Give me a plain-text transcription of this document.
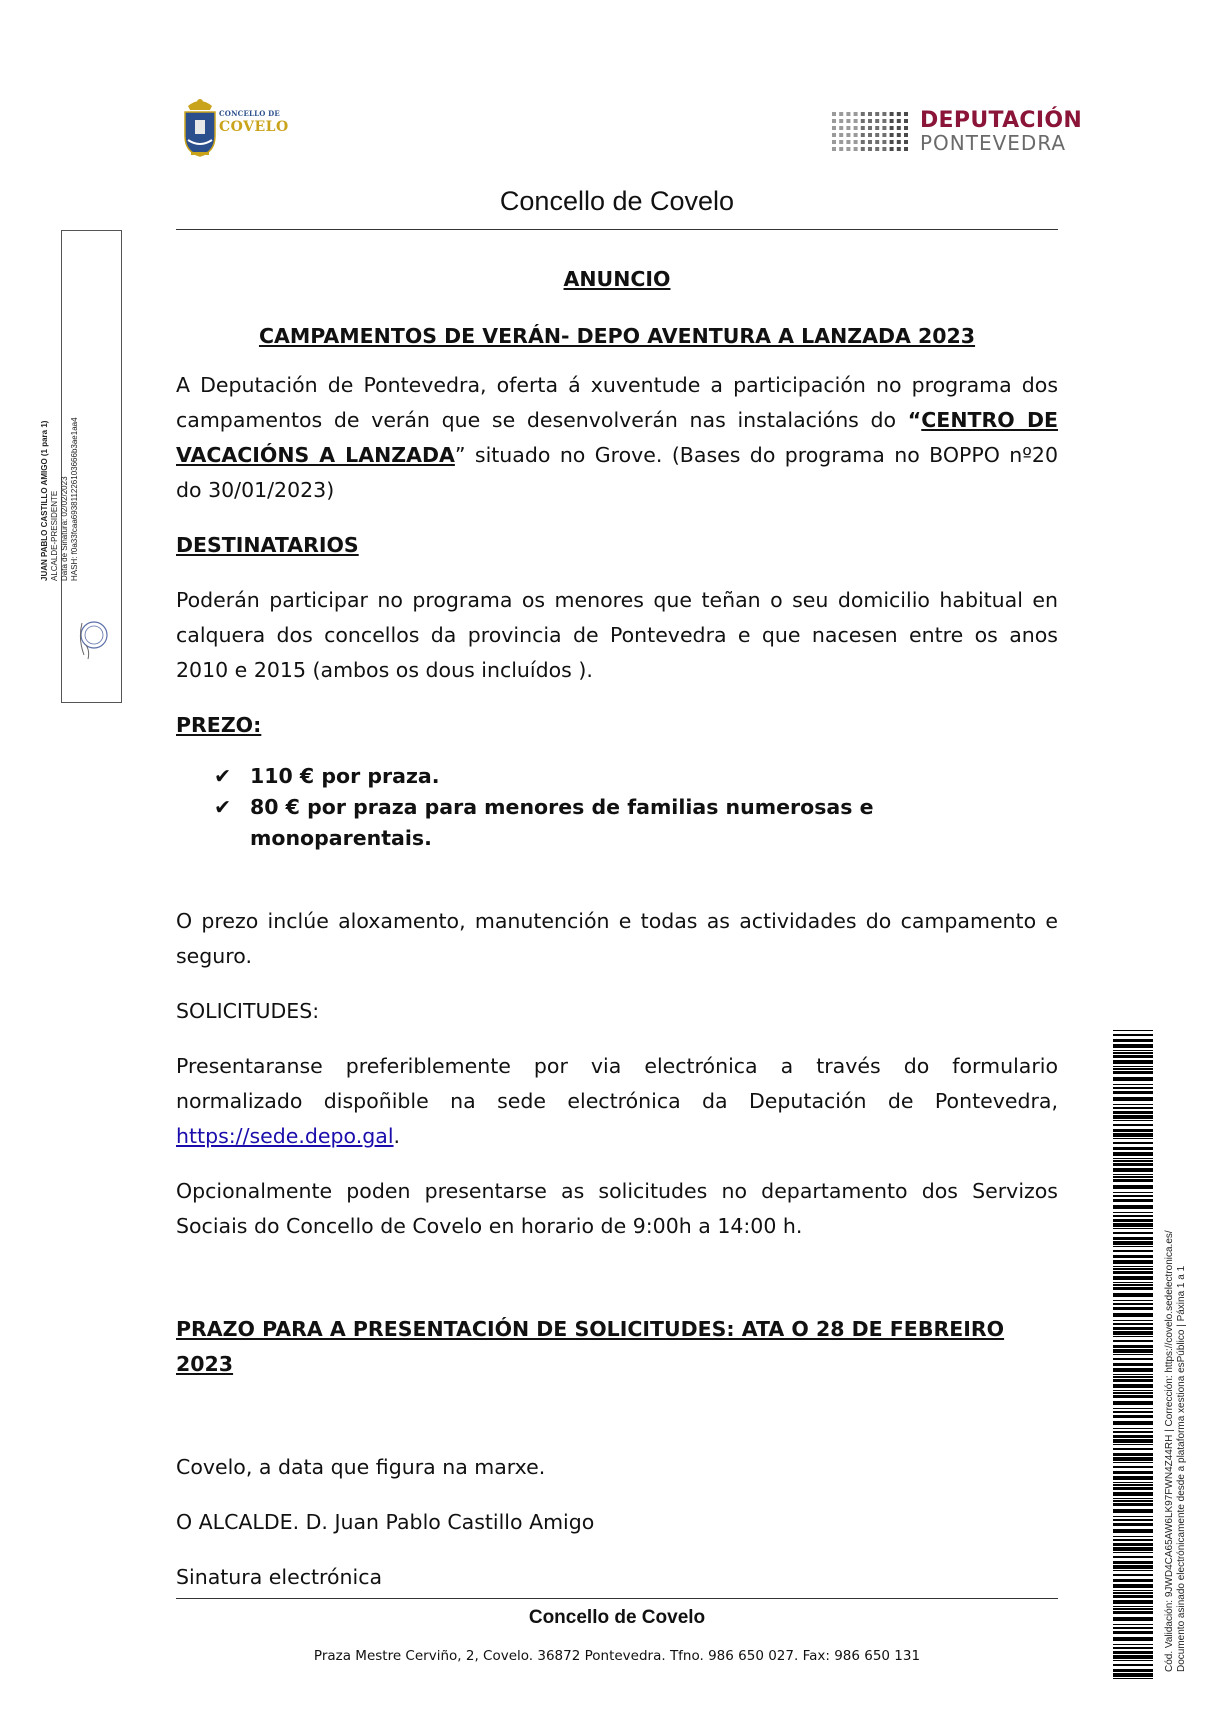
CONCELLO DE
COVELO	DEPUTACIÓN
PONTEVEDRA
Concello de Covelo
JUAN PABLO CASTILLO AMIGO (1 para 1) ALCALDE-PRESIDENTE Data de Sinatura: 02/02/2023 HASH: f0a33fcaa693811226103666b3ae1aa4

ANUNCIO

CAMPAMENTOS DE VERÁN- DEPO AVENTURA A LANZADA 2023

A Deputación de Pontevedra, oferta á xuventude a participación no programa dos campamentos de verán que se desenvolverán nas instalacións do “CENTRO DE VACACIÓNS A LANZADA” situado no Grove. (Bases do programa no BOPPO nº20 do 30/01/2023)

DESTINATARIOS

Poderán participar no programa os menores que teñan o seu domicilio habitual en calquera dos concellos da provincia de Pontevedra e que nacesen entre os anos 2010 e 2015 (ambos os dous incluídos ).

PREZO:

✔ 110 € por praza.
✔ 80 € por praza para menores de familias numerosas e monoparentais.

O prezo inclúe aloxamento, manutención e todas as actividades do campamento e seguro.

SOLICITUDES:

Presentaranse preferiblemente por via electrónica a través do formulario normalizado dispoñible na sede electrónica da Deputación de Pontevedra, https://sede.depo.gal.

Opcionalmente poden presentarse as solicitudes no departamento dos Servizos Sociais do Concello de Covelo en horario de 9:00h a 14:00 h.

PRAZO PARA A PRESENTACIÓN DE SOLICITUDES: ATA O 28 DE FEBREIRO 2023

Covelo, a data que figura na marxe.

O ALCALDE. D. Juan Pablo Castillo Amigo

Sinatura electrónica

Concello de Covelo
Praza Mestre Cerviño, 2, Covelo. 36872 Pontevedra. Tfno. 986 650 027. Fax: 986 650 131	Cód. Validación: 9JWD4CA65AW6LK97FWN4Z44RH | Corrección: https://covelo.sedelectronica.es/ Documento asinado electrónicamente desde a plataforma xestiona esPúblico | Páxina 1 a 1
